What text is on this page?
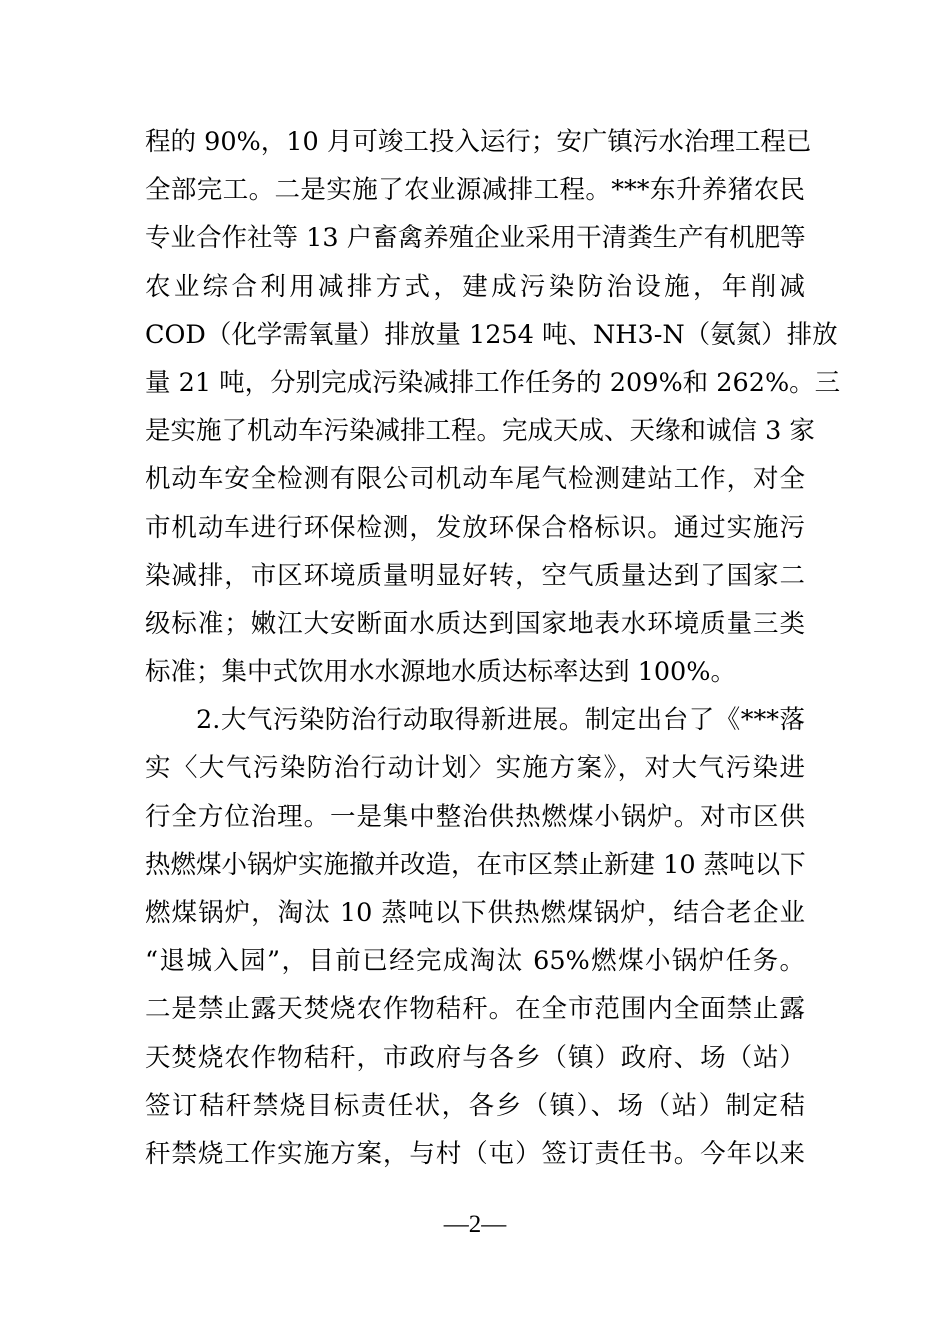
程的 90%，10 月可竣工投入运行；安广镇污水治理工程已
全部完工。二是实施了农业源减排工程。***东升养猪农民
专业合作社等 13 户畜禽养殖企业采用干清粪生产有机肥等
农业综合利用减排方式，建成污染防治设施，年削减
COD（化学需氧量）排放量 1254 吨、NH3-N（氨氮）排放
量 21 吨，分别完成污染减排工作任务的 209%和 262%。三
是实施了机动车污染减排工程。完成天成、天缘和诚信 3 家
机动车安全检测有限公司机动车尾气检测建站工作，对全
市机动车进行环保检测，发放环保合格标识。通过实施污
染减排，市区环境质量明显好转，空气质量达到了国家二
级标准；嫩江大安断面水质达到国家地表水环境质量三类
标准；集中式饮用水水源地水质达标率达到 100%。
2.大气污染防治行动取得新进展。制定出台了《***落
实〈大气污染防治行动计划〉实施方案》，对大气污染进
行全方位治理。一是集中整治供热燃煤小锅炉。对市区供
热燃煤小锅炉实施撤并改造，在市区禁止新建 10 蒸吨以下
燃煤锅炉，淘汰 10 蒸吨以下供热燃煤锅炉，结合老企业
“退城入园”，目前已经完成淘汰 65%燃煤小锅炉任务。
二是禁止露天焚烧农作物秸秆。在全市范围内全面禁止露
天焚烧农作物秸秆，市政府与各乡（镇）政府、场（站）
签订秸秆禁烧目标责任状，各乡（镇）、场（站）制定秸
秆禁烧工作实施方案，与村（屯）签订责任书。今年以来
—2—
